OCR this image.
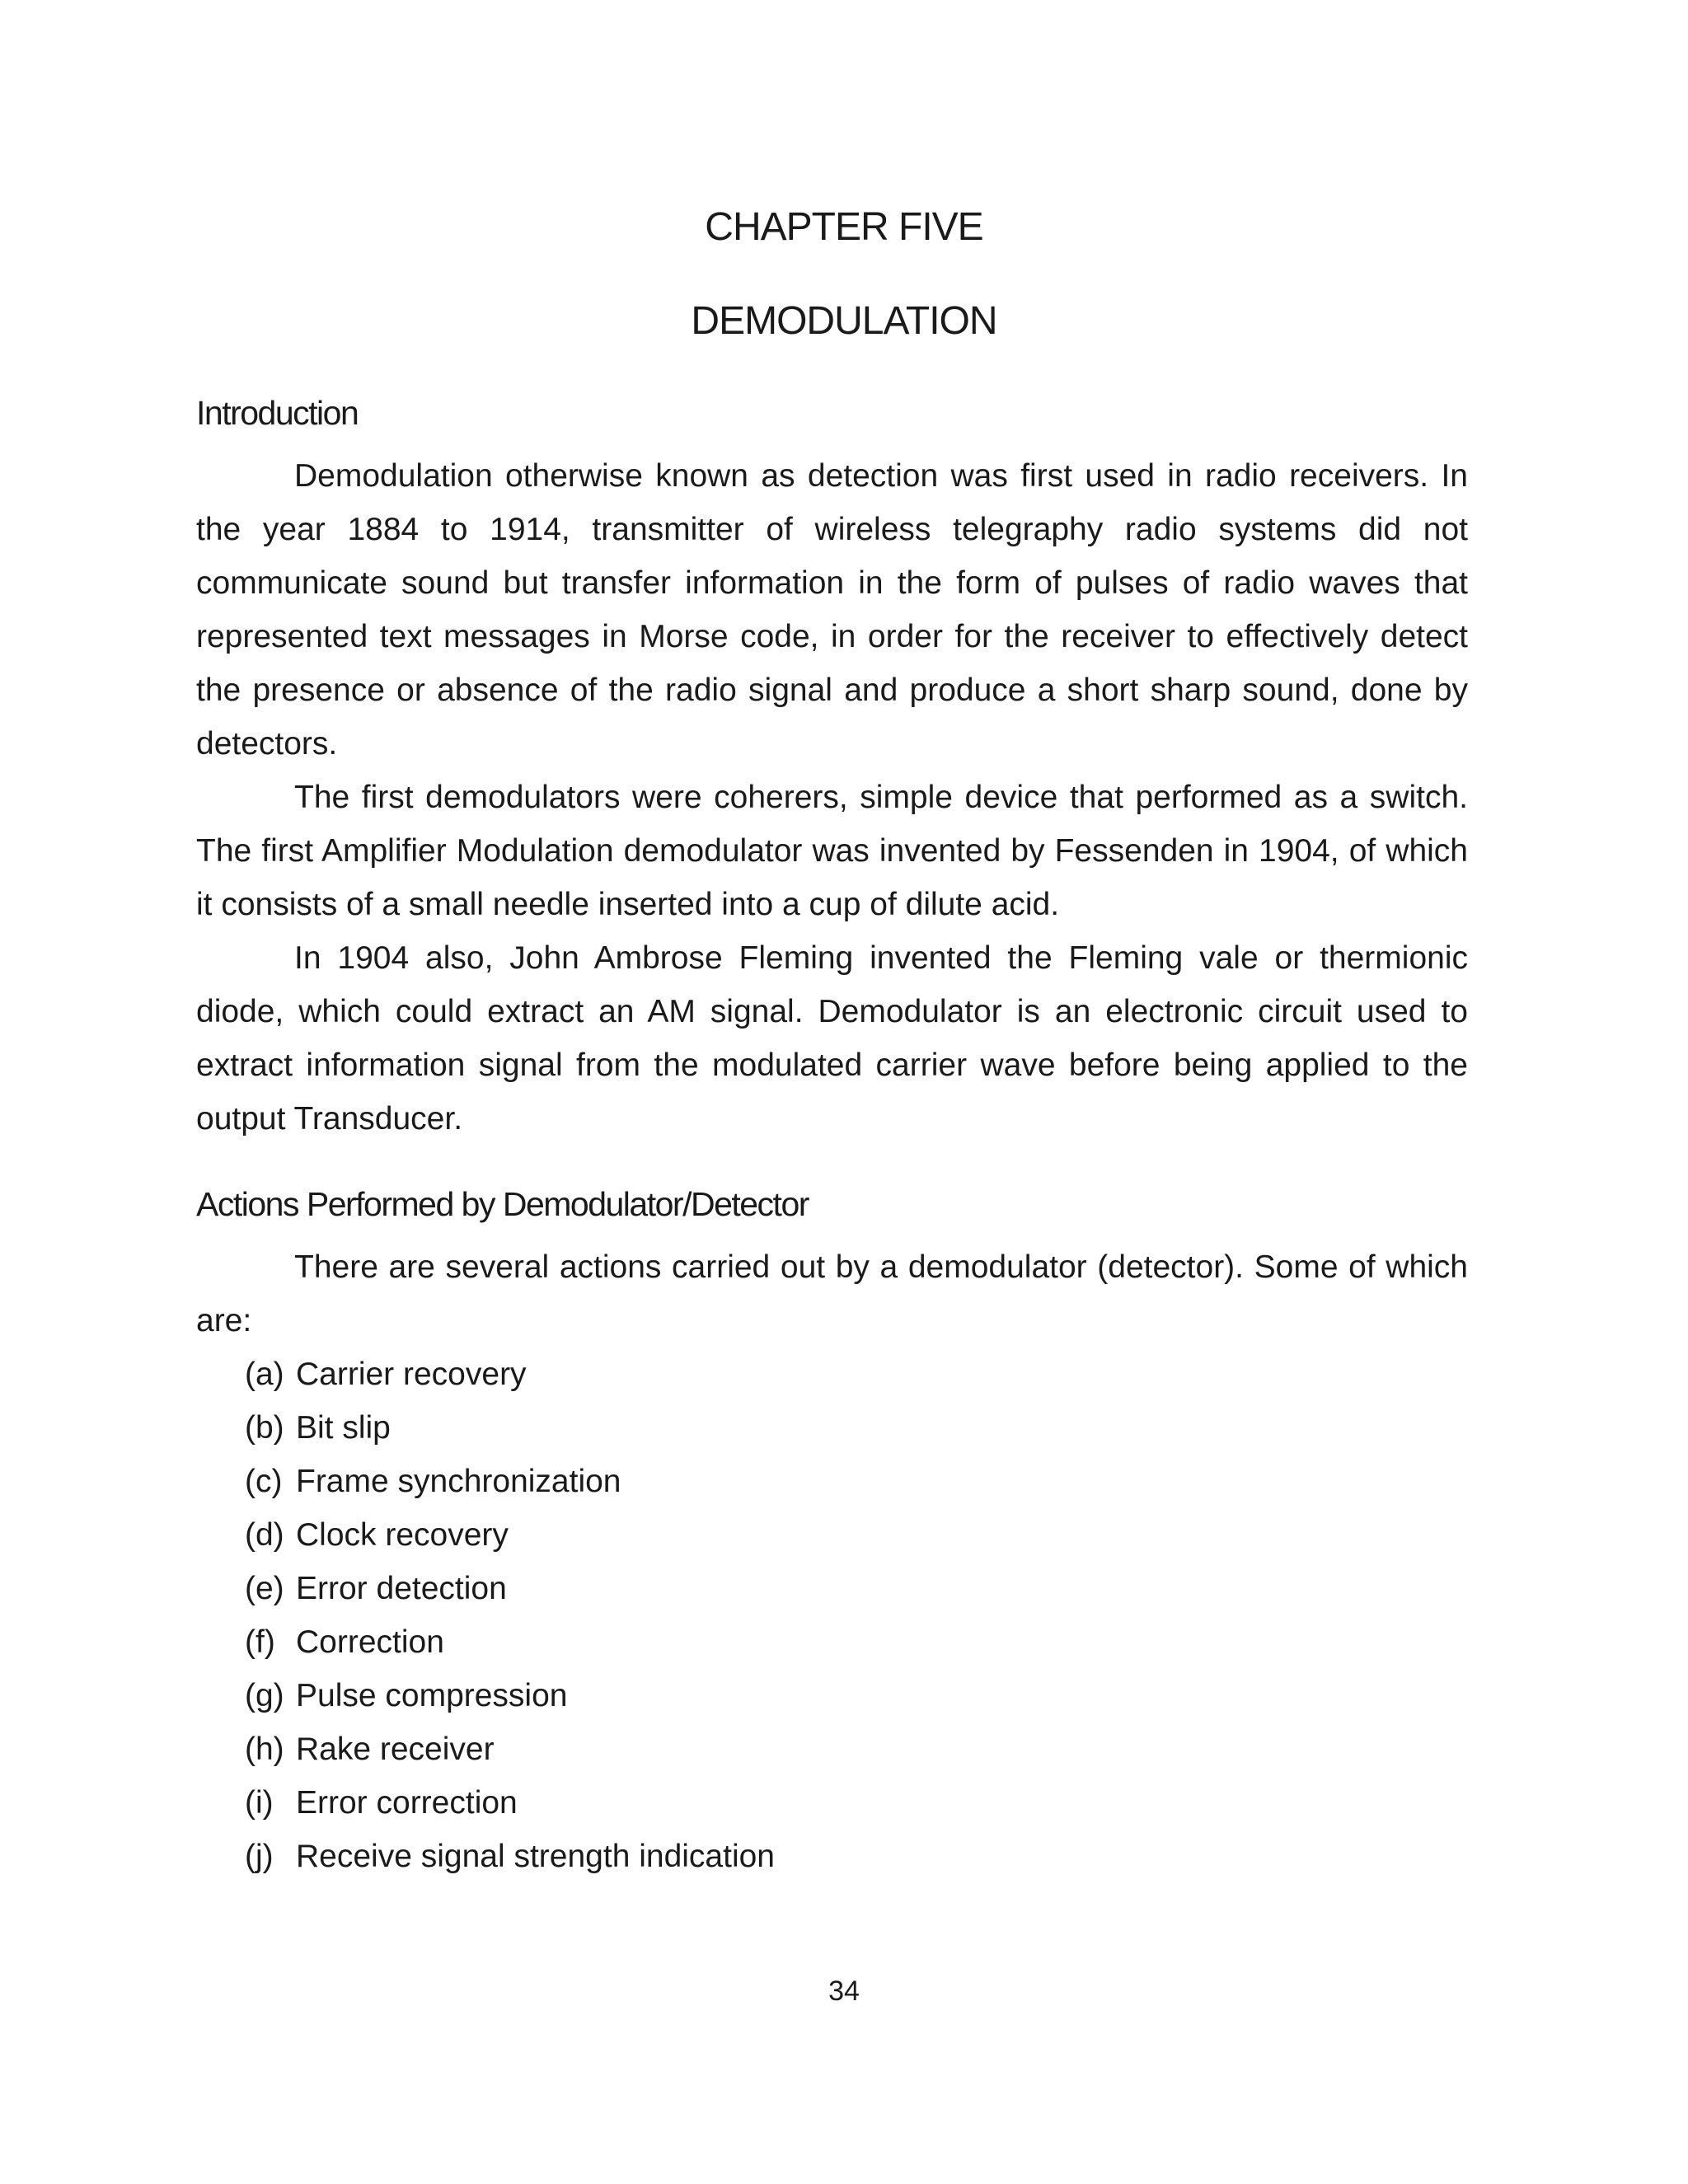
CHAPTER FIVE
DEMODULATION
Introduction

Demodulation otherwise known as detection was first used in radio receivers. In the year 1884 to 1914, transmitter of wireless telegraphy radio systems did not communicate sound but transfer information in the form of pulses of radio waves that represented text messages in Morse code, in order for the receiver to effectively detect the presence or absence of the radio signal and produce a short sharp sound, done by detectors.

The first demodulators were coherers, simple device that performed as a switch. The first Amplifier Modulation demodulator was invented by Fessenden in 1904, of which it consists of a small needle inserted into a cup of dilute acid.

In 1904 also, John Ambrose Fleming invented the Fleming vale or thermionic diode, which could extract an AM signal. Demodulator is an electronic circuit used to extract information signal from the modulated carrier wave before being applied to the output Transducer.

Actions Performed by Demodulator/Detector

There are several actions carried out by a demodulator (detector). Some of which are:

(a) Carrier recovery
(b) Bit slip
(c) Frame synchronization
(d) Clock recovery
(e) Error detection
(f) Correction
(g) Pulse compression
(h) Rake receiver
(i) Error correction
(j) Receive signal strength indication
34
